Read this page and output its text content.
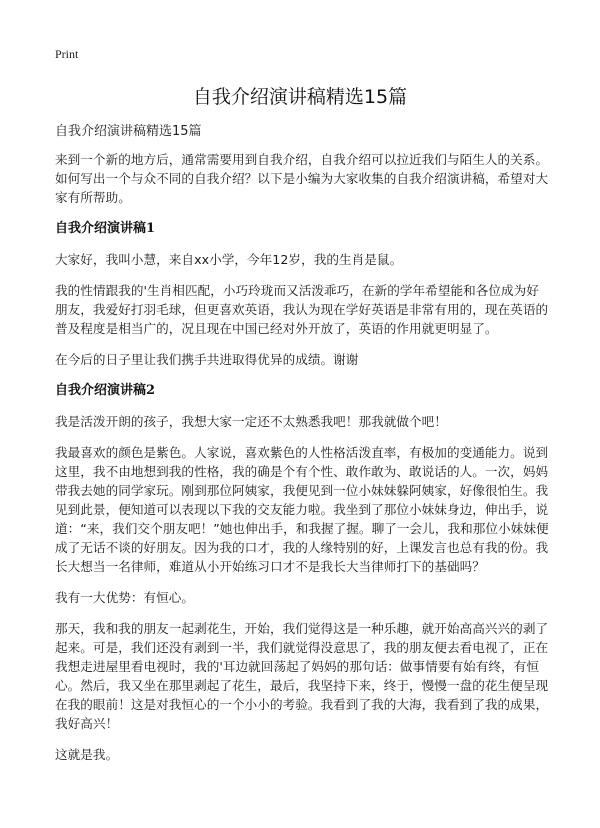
Print
自我介绍演讲稿精选15篇
自我介绍演讲稿精选15篇

来到一个新的地方后，通常需要用到自我介绍，自我介绍可以拉近我们与陌生人的关系。如何写出一个与众不同的自我介绍？以下是小编为大家收集的自我介绍演讲稿，希望对大家有所帮助。

自我介绍演讲稿1

大家好，我叫小慧，来自xx小学，今年12岁，我的生肖是鼠。

我的性情跟我的'生肖相匹配，小巧玲珑而又活泼乖巧，在新的学年希望能和各位成为好朋友，我爱好打羽毛球，但更喜欢英语，我认为现在学好英语是非常有用的，现在英语的普及程度是相当广的，况且现在中国已经对外开放了，英语的作用就更明显了。

在今后的日子里让我们携手共进取得优异的成绩。谢谢

自我介绍演讲稿2

我是活泼开朗的孩子，我想大家一定还不太熟悉我吧！那我就做个吧！

我最喜欢的颜色是紫色。人家说，喜欢紫色的人性格活泼直率，有极加的变通能力。说到这里，我不由地想到我的性格，我的确是个有个性、敢作敢为、敢说话的人。一次，妈妈带我去她的同学家玩。刚到那位阿姨家，我便见到一位小妹妹躲阿姨家，好像很怕生。我见到此景，便知道可以表现以下我的交友能力啦。我坐到了那位小妹妹身边，伸出手，说道：“来，我们交个朋友吧！”她也伸出手，和我握了握。聊了一会儿，我和那位小妹妹便成了无话不谈的好朋友。因为我的口才，我的人缘特别的好，上课发言也总有我的份。我长大想当一名律师，难道从小开始练习口才不是我长大当律师打下的基础吗？

我有一大优势：有恒心。

那天，我和我的朋友一起剥花生，开始，我们觉得这是一种乐趣，就开始高高兴兴的剥了起来。可是，我们还没有剥到一半，我们就觉得没意思了，我的朋友便去看电视了，正在我想走进屋里看电视时，我的'耳边就回荡起了妈妈的那句话：做事情要有始有终，有恒心。然后，我又坐在那里剥起了花生，最后，我坚持下来，终于，慢慢一盘的花生便呈现在我的眼前！这是对我恒心的一个小小的考验。我看到了我的大海，我看到了我的成果，我好高兴！

这就是我。
